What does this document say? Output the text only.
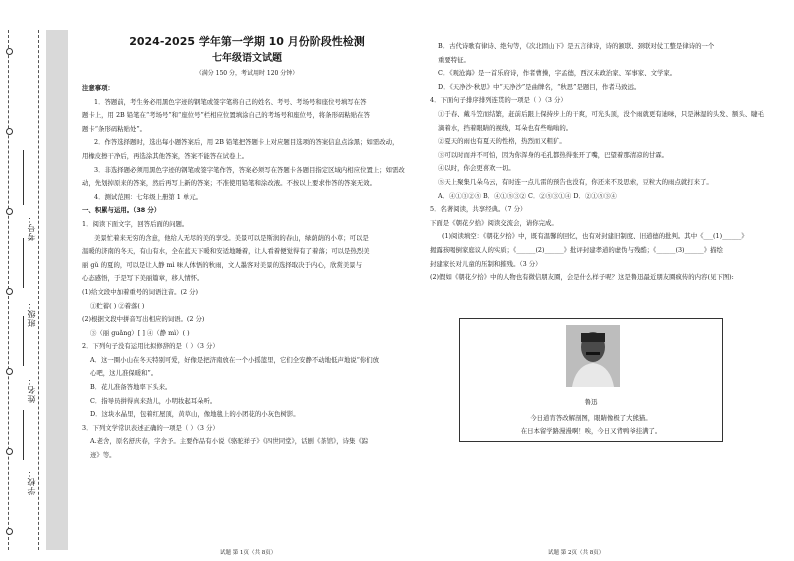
学校：
姓名：
班级：
考号：

2024-2025 学年第一学期 10 月份阶段性检测

七年级语文试题

（满分 150 分，考试用时 120 分钟）

注意事项：

1．答题前，考生务必用黑色字迹的钢笔或签字笔将自己的姓名、考号、考场号和座位号填写在答

题卡上，用 2B 铅笔在“考场号”和“座位号”栏相应位置填涂自己的考场号和座位号，将条形码粘贴在答

题卡“条形码粘贴处”。

2．作答选择题时，选出每小题答案后，用 2B 铅笔把答题卡上对应题目选项的答案信息点涂黑；如需改动，

用橡皮擦干净后，再选涂其他答案，答案不能答在试卷上。

3．非选择题必须用黑色字迹的钢笔或签字笔作答，答案必须写在答题卡各题目指定区域内相应位置上；如需改

动，先划掉原来的答案，然后再写上新的答案；不准使用铅笔和涂改液。不按以上要求作答的答案无效。

4．测试范围：七年级上册第 1 单元。

一、积累与运用。（38 分）

1．阅读下面文字，回答后面的问题。

美景忙着来无穷的含意，他给人无尽的美的享受。美景可以是斯润的春山，绿荫荫的小草；可以是

温暖的济南的冬天，有山有水，全在蓝天下暖和安适地睡着，让人看着便觉得有了着落；可以是热烈美

丽 gǔ 的夏的，可以是让人静 mì 味人体悟的秋雨，文人墨客对美景的选择取决于内心，欣赏美景与

心态感悟，于是写下美丽篇章，移人情怀。

(1)给文段中加着重号的词语注音。(2 分)

①贮蓄( ) ②着落( )

(2)根据文段中拼音写出相应的词语。(2 分)

③（丽 guǎng）[ ] ④（静 mì）( )

2．下列句子没有运用比拟修辞的是（ ）（3 分）

A．这一圈小山在冬天特别可爱，好像是把济南放在一个小摇篮里，它们全安静不动地低声地说“你们放

心吧，这儿准保暖和”。

B．花儿准备答地率下头来。

C．指导员拼得真来劲儿，小明妆起耳朵听。

D．这块水晶里，包着红屋顶，黄草山，像地毯上的小团花的小灰色树影。

3．下列文学常识表述正确的一项是（ ）（3 分）

A.老舍，原名舒庆春，字舍予。主要作品有小说《骆驼祥子》《四世同堂》，话剧《茶馆》，诗集《踪

迹》等。

试题 第 1页（共 8页）

B．古代诗歌有律诗、绝句等，《次北固山下》是五言律诗，诗的颔联、颈联对仗工整是律诗的一个

重要特征。

C．《观沧海》是一首乐府诗，作者曹操，字孟德，西汉末政治家、军事家、文学家。

D．《天净沙·秋思》中“天净沙”是曲牌名，“秋思”是题目，作者马致远。

4．下面句子排序排列连贯的一项是（ ）（3 分）

①于春、戴斗笠而结繁，赶前后跟上保持步上的干爽，可光头顶，没个雨就更有迪味，只是淋湿的头发、额头、睫毛

滴着水，挡着眼睛的视线，耳朵也有些嗡嗡的。

②夏天的雨也有夏天的性格，热烈而又粗犷。

③可以时而并不可怕，因为你浑身的毛孔都热得张开了嘴，巴望着那清凉的甘霖。

④以时，你会更喜欢一切。

⑤天上聚集几朵乌云，有时连一点儿雷的预告也没有，你还来不及思索，豆粒大的雨点就打来了。

A．④①③②⑤ B．④①⑤③② C．②⑤③①④ D．②①⑤③④

5．名著阅读，共享经典。（7 分）

下面是《朝花夕拾》阅读交流会，请你完成。

(1)阅读填空：《朝花夕拾》中，既有温馨的回忆，也有对封建旧制度、旧道德的批判。其中《___(1)______》

揭露孩喝倒家庭议人的实质；《______(2)______》批评封建孝道的虚伪与残酷；《______(3)______》描绘

封建家长对儿童的压制和摧残。（3 分）

(2)假如《朝花夕拾》中的人物也有微信朋友圈，会是什么样子呢？这是鲁迅最近朋友圈疯传的内容(见下图):

鲁迅
今日道宵答改解剖图，眼睛像极了大熊猫。
在日本留学路漫漫啊！唉，今日又背鸭爷挂满了。
试题 第 2页（共 8页）
